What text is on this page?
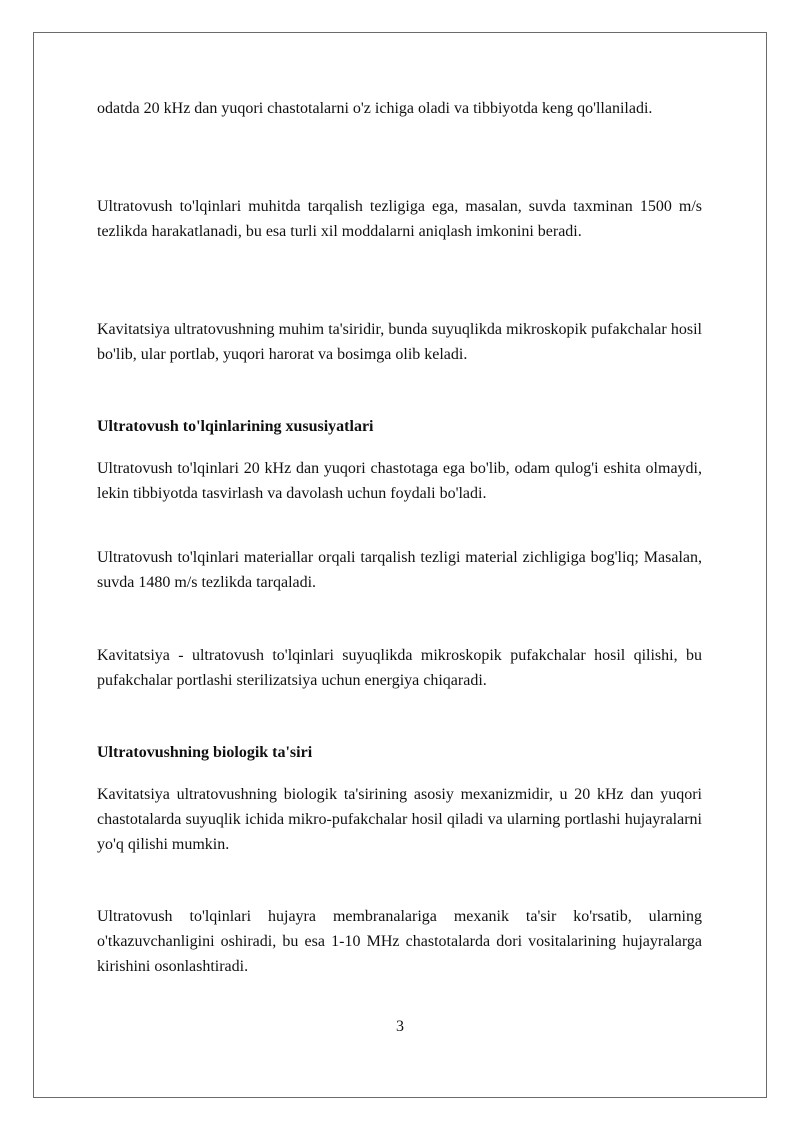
odatda 20 kHz dan yuqori chastotalarni o'z ichiga oladi va tibbiyotda keng qo'llaniladi.

Ultratovush to'lqinlari muhitda tarqalish tezligiga ega, masalan, suvda taxminan 1500 m/s tezlikda harakatlanadi, bu esa turli xil moddalarni aniqlash imkonini beradi.

Kavitatsiya ultratovushning muhim ta'siridir, bunda suyuqlikda mikroskopik pufakchalar hosil bo'lib, ular portlab, yuqori harorat va bosimga olib keladi.

Ultratovush to'lqinlarining xususiyatlari

Ultratovush to'lqinlari 20 kHz dan yuqori chastotaga ega bo'lib, odam qulog'i eshita olmaydi, lekin tibbiyotda tasvirlash va davolash uchun foydali bo'ladi.

Ultratovush to'lqinlari materiallar orqali tarqalish tezligi material zichligiga bog'liq; Masalan, suvda 1480 m/s tezlikda tarqaladi.

Kavitatsiya - ultratovush to'lqinlari suyuqlikda mikroskopik pufakchalar hosil qilishi, bu pufakchalar portlashi sterilizatsiya uchun energiya chiqaradi.

Ultratovushning biologik ta'siri

Kavitatsiya ultratovushning biologik ta'sirining asosiy mexanizmidir, u 20 kHz dan yuqori chastotalarda suyuqlik ichida mikro-pufakchalar hosil qiladi va ularning portlashi hujayralarni yo'q qilishi mumkin.

Ultratovush to'lqinlari hujayra membranalariga mexanik ta'sir ko'rsatib, ularning o'tkazuvchanligini oshiradi, bu esa 1-10 MHz chastotalarda dori vositalarining hujayralarga kirishini osonlashtiradi.

3
